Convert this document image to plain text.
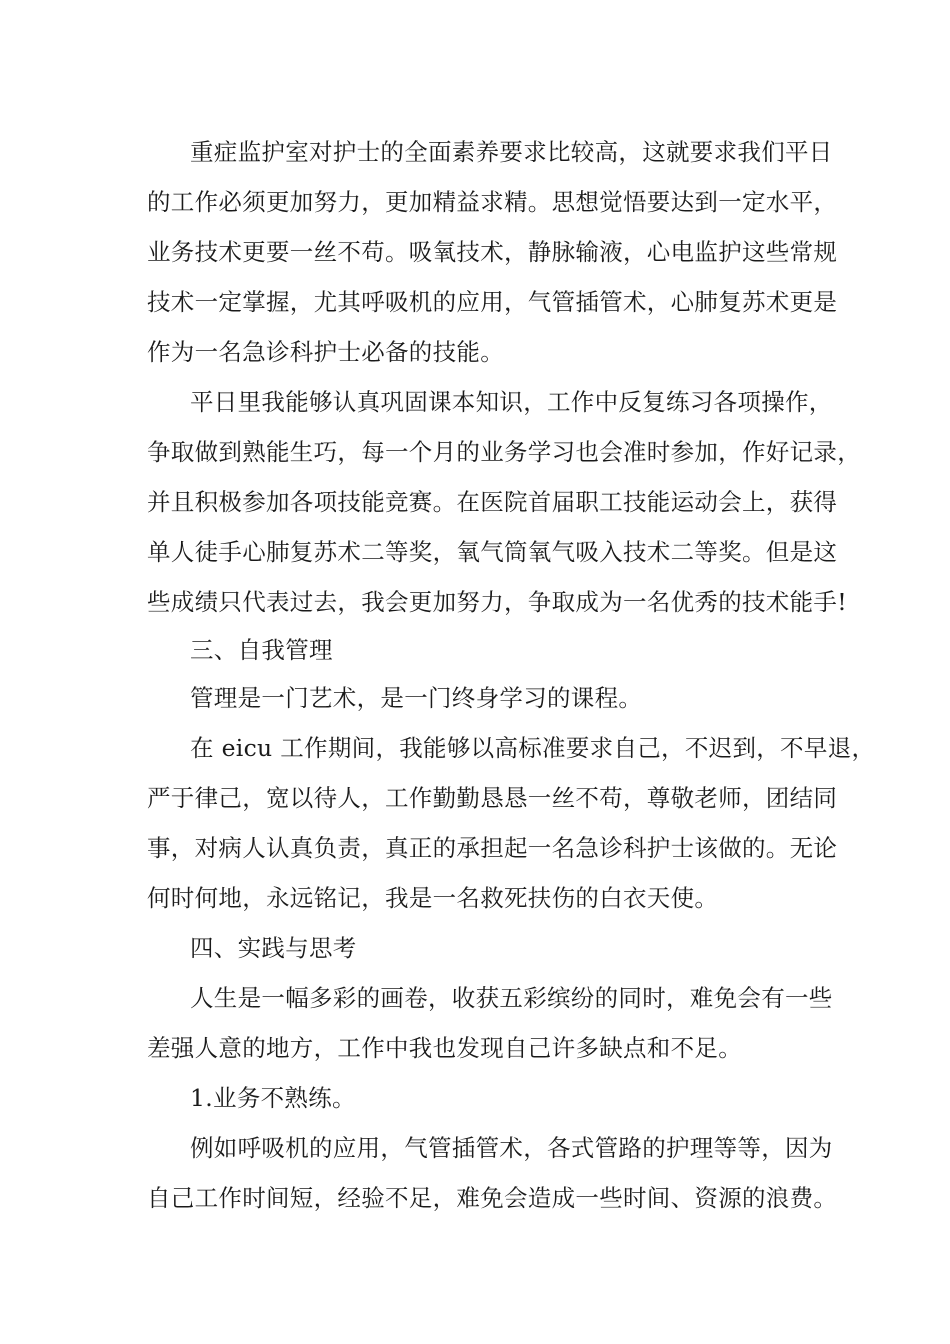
重症监护室对护士的全面素养要求比较高，这就要求我们平日
的工作必须更加努力，更加精益求精。思想觉悟要达到一定水平，
业务技术更要一丝不苟。吸氧技术，静脉输液，心电监护这些常规
技术一定掌握，尤其呼吸机的应用，气管插管术，心肺复苏术更是
作为一名急诊科护士必备的技能。
平日里我能够认真巩固课本知识，工作中反复练习各项操作，
争取做到熟能生巧，每一个月的业务学习也会准时参加，作好记录，
并且积极参加各项技能竞赛。在医院首届职工技能运动会上，获得
单人徒手心肺复苏术二等奖，氧气筒氧气吸入技术二等奖。但是这
些成绩只代表过去，我会更加努力，争取成为一名优秀的技术能手!
三、自我管理
管理是一门艺术，是一门终身学习的课程。
在 eicu 工作期间，我能够以高标准要求自己，不迟到，不早退，
严于律己，宽以待人，工作勤勤恳恳一丝不苟，尊敬老师，团结同
事，对病人认真负责，真正的承担起一名急诊科护士该做的。无论
何时何地，永远铭记，我是一名救死扶伤的白衣天使。
四、实践与思考
人生是一幅多彩的画卷，收获五彩缤纷的同时，难免会有一些
差强人意的地方，工作中我也发现自己许多缺点和不足。
1.业务不熟练。
例如呼吸机的应用，气管插管术，各式管路的护理等等，因为
自己工作时间短，经验不足，难免会造成一些时间、资源的浪费。
